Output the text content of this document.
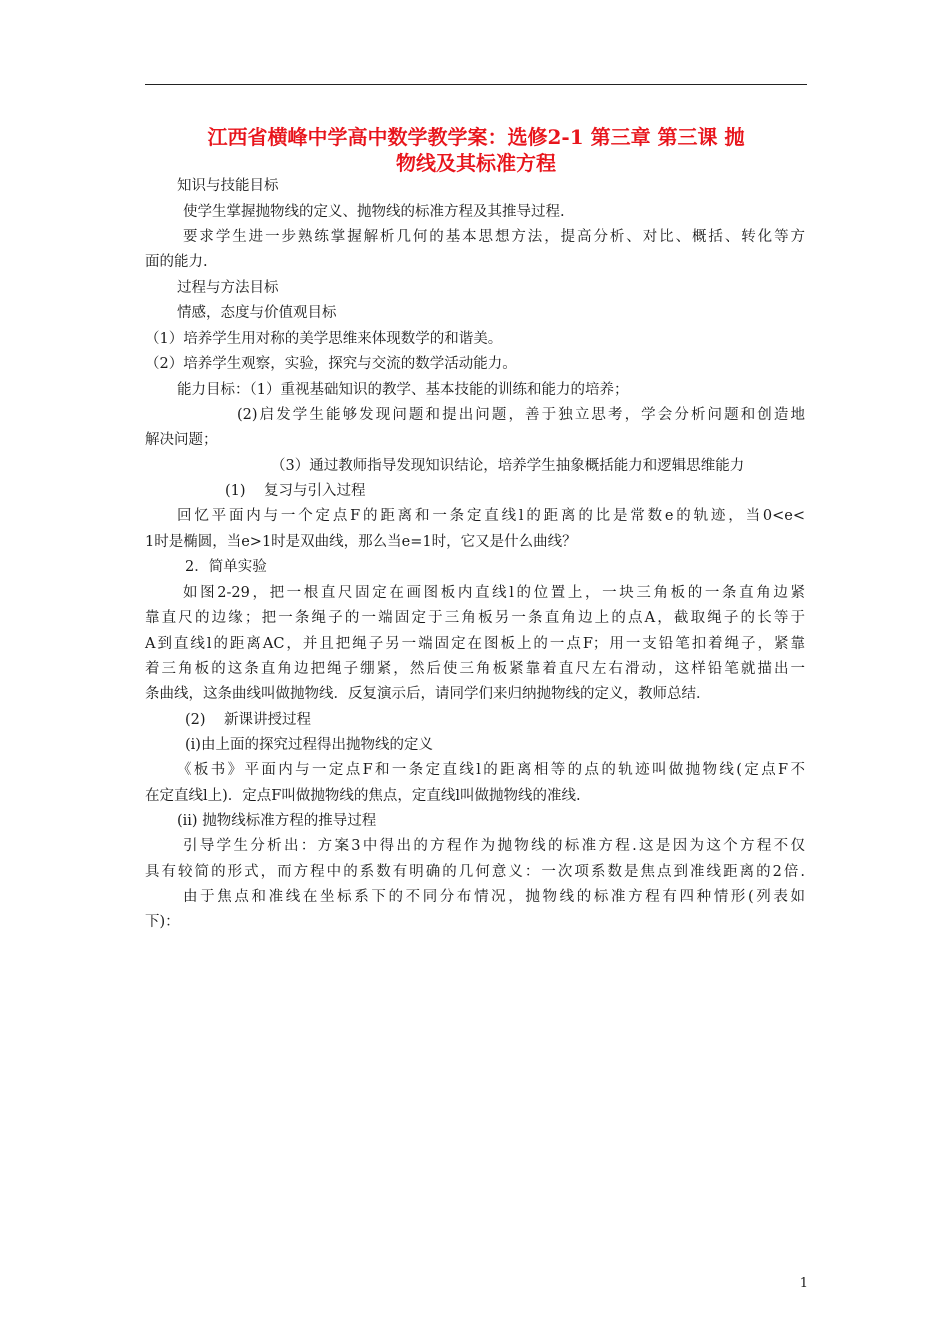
江西省横峰中学高中数学教学案：选修2-1 第三章 第三课 抛
物线及其标准方程
知识与技能目标
使学生掌握抛物线的定义、抛物线的标准方程及其推导过程.
要求学生进一步熟练掌握解析几何的基本思想方法，提高分析、对比、概括、转化等方
面的能力.
过程与方法目标
情感，态度与价值观目标
（1）培养学生用对称的美学思维来体现数学的和谐美。
（2）培养学生观察，实验，探究与交流的数学活动能力。
能力目标：（1）重视基础知识的教学、基本技能的训练和能力的培养；
(2)启发学生能够发现问题和提出问题，善于独立思考，学会分析问题和创造地
解决问题；
（3）通过教师指导发现知识结论，培养学生抽象概括能力和逻辑思维能力
(1)    复习与引入过程
回忆平面内与一个定点F的距离和一条定直线l的距离的比是常数e的轨迹，当0<e<
1时是椭圆，当e>1时是双曲线，那么当e=1时，它又是什么曲线？
2．简单实验
如图2-29，把一根直尺固定在画图板内直线l的位置上，一块三角板的一条直角边紧
靠直尺的边缘；把一条绳子的一端固定于三角板另一条直角边上的点A，截取绳子的长等于
A到直线l的距离AC，并且把绳子另一端固定在图板上的一点F；用一支铅笔扣着绳子，紧靠
着三角板的这条直角边把绳子绷紧，然后使三角板紧靠着直尺左右滑动，这样铅笔就描出一
条曲线，这条曲线叫做抛物线．反复演示后，请同学们来归纳抛物线的定义，教师总结．
(2)    新课讲授过程
(i)由上面的探究过程得出抛物线的定义
《板书》平面内与一定点F和一条定直线l的距离相等的点的轨迹叫做抛物线(定点F不
在定直线l上)．定点F叫做抛物线的焦点，定直线l叫做抛物线的准线.
(ii) 抛物线标准方程的推导过程
引导学生分析出：方案3中得出的方程作为抛物线的标准方程.这是因为这个方程不仅
具有较简的形式，而方程中的系数有明确的几何意义：一次项系数是焦点到准线距离的2倍.
由于焦点和准线在坐标系下的不同分布情况，抛物线的标准方程有四种情形(列表如
下)：
1
